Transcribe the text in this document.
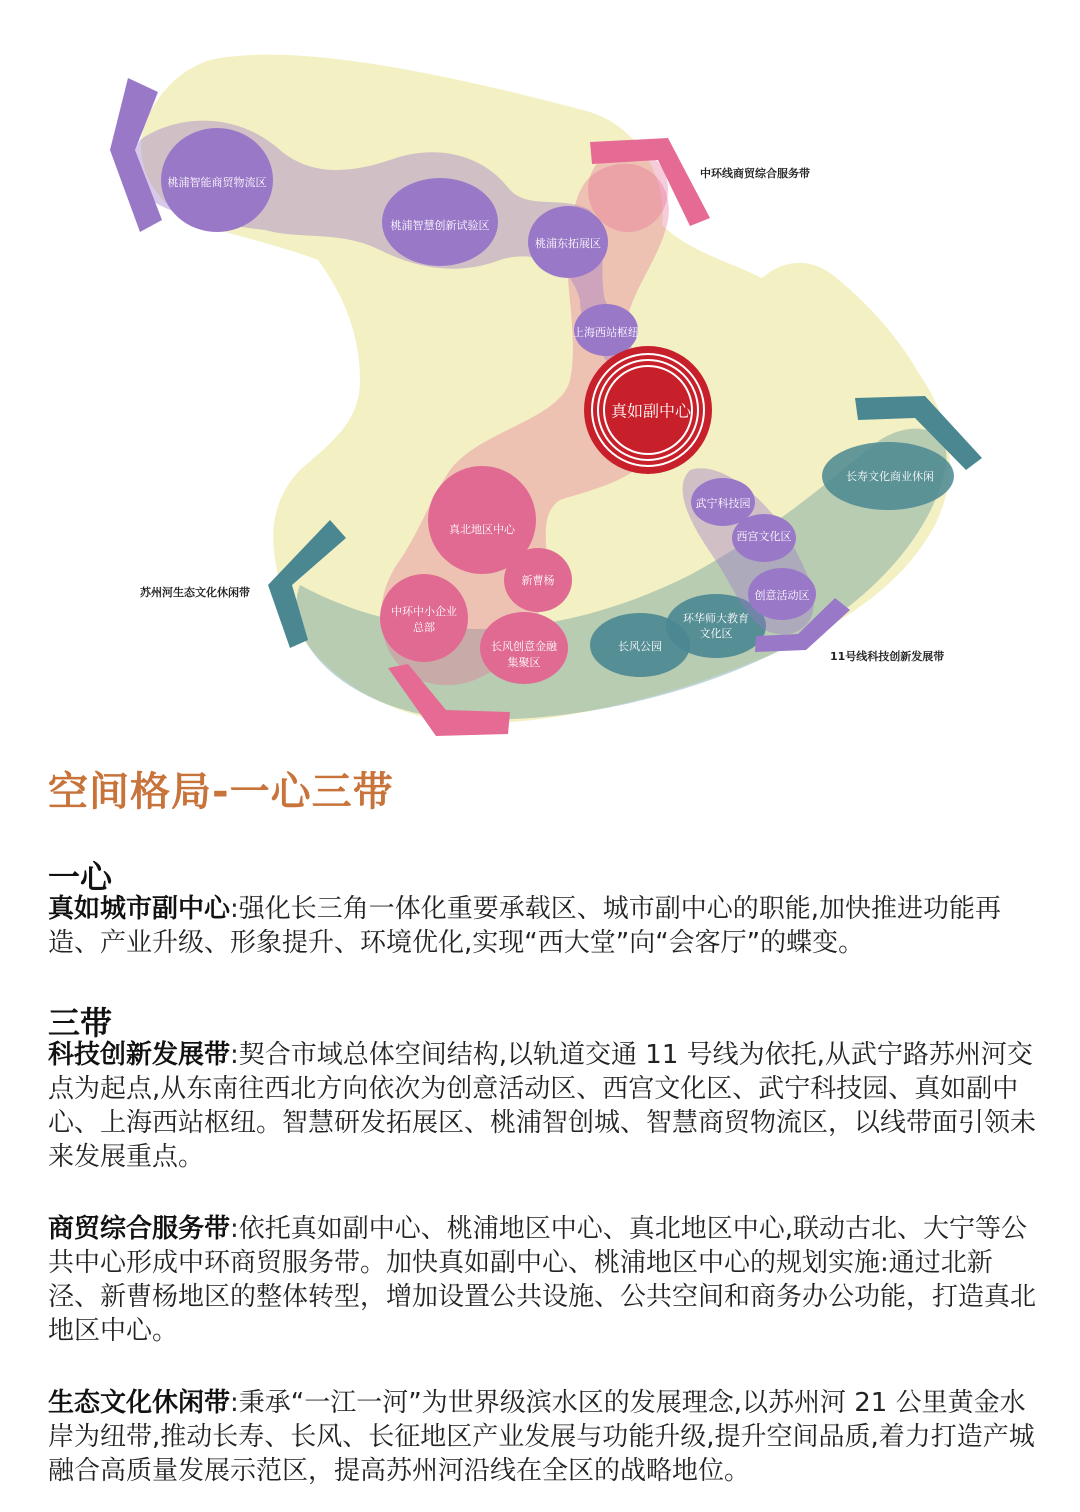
真如副中心
桃浦智能商贸物流区
桃浦智慧创新试验区
桃浦东拓展区
上海西站枢纽
武宁科技园
西宫文化区
创意活动区
长寿文化商业休闲
真北地区中心
新曹杨
中环中小企业
总部
长风创意金融
集聚区
长风公园
环华师大教育
文化区
中环线商贸综合服务带
苏州河生态文化休闲带
11号线科技创新发展带
空间格局-一心三带
一心

真如城市副中心:强化长三角一体化重要承载区、城市副中心的职能,加快推进功能再造、产业升级、形象提升、环境优化,实现“西大堂”向“会客厅”的蝶变。

三带

科技创新发展带:契合市域总体空间结构,以轨道交通 11 号线为依托,从武宁路苏州河交点为起点,从东南往西北方向依次为创意活动区、西宫文化区、武宁科技园、真如副中心、上海西站枢纽。智慧研发拓展区、桃浦智创城、智慧商贸物流区，以线带面引领未来发展重点。

商贸综合服务带:依托真如副中心、桃浦地区中心、真北地区中心,联动古北、大宁等公共中心形成中环商贸服务带。加快真如副中心、桃浦地区中心的规划实施:通过北新泾、新曹杨地区的整体转型，增加设置公共设施、公共空间和商务办公功能，打造真北地区中心。

生态文化休闲带:秉承“一江一河”为世界级滨水区的发展理念,以苏州河 21 公里黄金水岸为纽带,推动长寿、长风、长征地区产业发展与功能升级,提升空间品质,着力打造产城融合高质量发展示范区，提高苏州河沿线在全区的战略地位。
